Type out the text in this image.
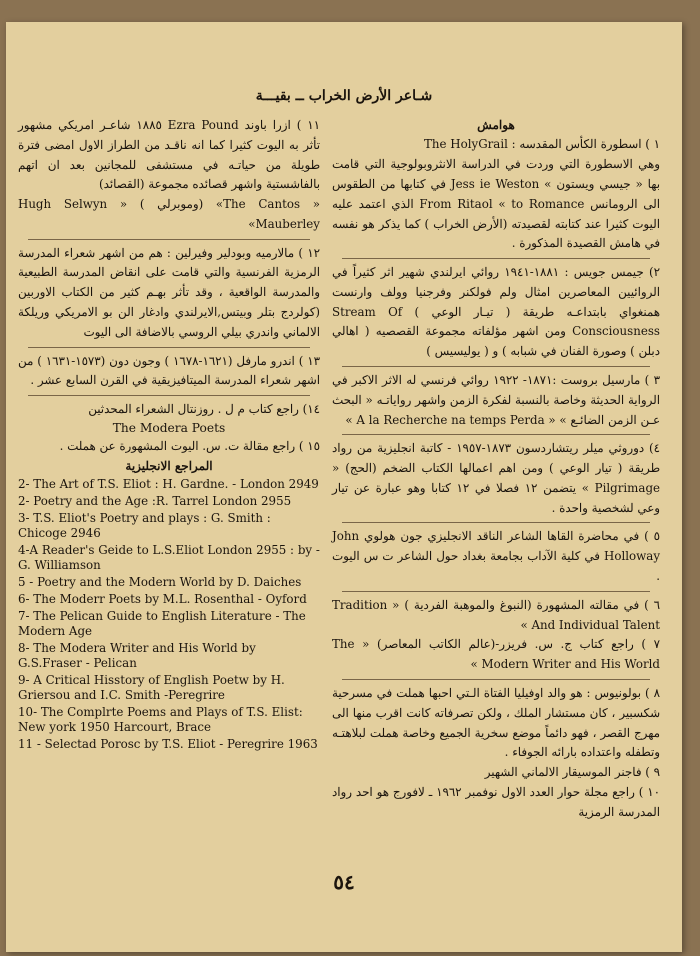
شـاعر الأرض الخراب ــ بقيـــة
هوامش

١ ) اسطورة الكأس المقدسه : The HolyGrail

وهي الاسطورة التي وردت في الدراسة الانثروبولوجية التي قامت بها « جيسي ويستون » Jess ie Weston في كتابها من الطقوس الى الرومانس From Ritaol « to Romance الذي اعتمد عليه اليوت كثيرا عند كتابته لقصيدته (الأرض الخراب ) كما يذكر هو نفسه في هامش القصيدة المذكورة .

٢) جيمس جويس : ١٨٨١-١٩٤١ روائي ايرلندي شهير اثر كثيراً في الروائيين المعاصرين امثال ولم فولكنر وفرجنيا وولف وارنست همنغواي بابتداعـه طريقة ( تيـار الوعي ) Stream Of Consciousness ومن اشهر مؤلفاته مجموعة القصصيه ( اهالي دبلن ) وصورة الفنان في شبابه ) و ( يوليسيس )

٣ ) مارسيل بروست :١٨٧١- ١٩٢٢ روائي فرنسي له الاثر الاكبر في الرواية الحديثة وخاصة بالنسبة لفكرة الزمن واشهر رواياتـه « البحث عـن الزمن الضائـع » « A la Recherche na temps Perda »

٤) دوروثي ميلر ريتشاردسون ١٨٧٣-١٩٥٧ - كاتبة انجليزية من رواد طريقة ( تيار الوعي ) ومن اهم اعمالها الكتاب الضخم (الحج) « Pilgrimage » يتضمن ١٢ فصلا في ١٢ كتابا وهو عبارة عن تيار وعي لشخصية واحدة .

٥ ) في محاضرة القاها الشاعر الناقد الانجليزي جون هولوي John Holloway في كلية الآداب بجامعة بغداد حول الشاعر ت س اليوت .

٦ ) في مقالته المشهورة (النبوغ والموهبة الفردية ) « Tradition And Individual Talent »

٧ ) راجع كتاب ج. س. فريزر-(عالم الكاتب المعاصر) « The Modern Writer and His World »

٨ ) بولونيوس : هو والد اوفيليا الفتاة الـتي احبها هملت في مسرحية شكسبير ، كان مستشار الملك ، ولكن تصرفاته كانت اقرب منها الى مهرج القصر ، فهو دائماً موضع سخرية الجميع وخاصة هملت لبلاهتـه وتطفله واعتداده بارائه الجوفاء .

٩ ) فاجنر الموسيقار الالماني الشهير

١٠ ) راجع مجلة حوار العدد الاول نوفمبر ١٩٦٢ ـ لافورج هو احد رواد المدرسة الرمزية

١١ ) ازرا باوند Ezra Pound ١٨٨٥ شاعـر امريكي مشهور تأثر به اليوت كثيرا كما انه ناقـد من الطراز الاول امضى فترة طويلة من حياتـه في مستشفى للمجانين بعد ان اتهم بالفاشستية واشهر قصائده مجموعة (القصائد)

« The Cantos» (وموبرلي ) Hugh Selwyn » Mauberley»

١٢ ) مالارميه وبودلير وفيرلين : هم من اشهر شعراء المدرسة الرمزية الفرنسية والتي قامت على انقاض المدرسة الطبيعية والمدرسة الواقعية ، وقد تأثر بهـم كثير من الكتاب الاوربين (كولردج بتلر وبيتس,الايرلندي وادغار الن بو الامريكي وريلكة الالماني واندري بيلي الروسي بالاضافة الى اليوت

١٣ ) اندرو مارفل (١٦٢١-١٦٧٨ ) وجون دون (١٥٧٣-١٦٣١ ) من اشهر شعراء المدرسة الميتافيزيقية في القرن السابع عشر .

١٤) راجع كتاب م ل . روزنتال الشعراء المحدثين

The Modera Poets

١٥ ) راجع مقالة ت. س. اليوت المشهورة عن هملت .

المراجع الانجليزية

2- The Art of T.S. Eliot : H. Gardne. - London 2949

2- Poetry and the Age :R. Tarrel London 2955

3- T.S. Eliot's Poetry and plays : G. Smith : Chicoge 2946

4-A Reader's Geide to L.S.Eliot London 2955 : by - G. Williamson

5 - Poetry and the Modern World by D. Daiches

6- The Moderr Poets by M.L. Rosenthal - Oyford

7- The Pelican Guide to English Literature - The Modern Age

8- The Modera Writer and His World by G.S.Fraser - Pelican

9- A Critical Hisstory of English Poetw by H. Griersou and I.C. Smith -Peregrire

10- The Complrte Poems and Plays of T.S. Elist: New york 1950 Harcourt, Brace

11 - Selectad Porosc by T.S. Eliot - Peregrire 1963

٥٤
